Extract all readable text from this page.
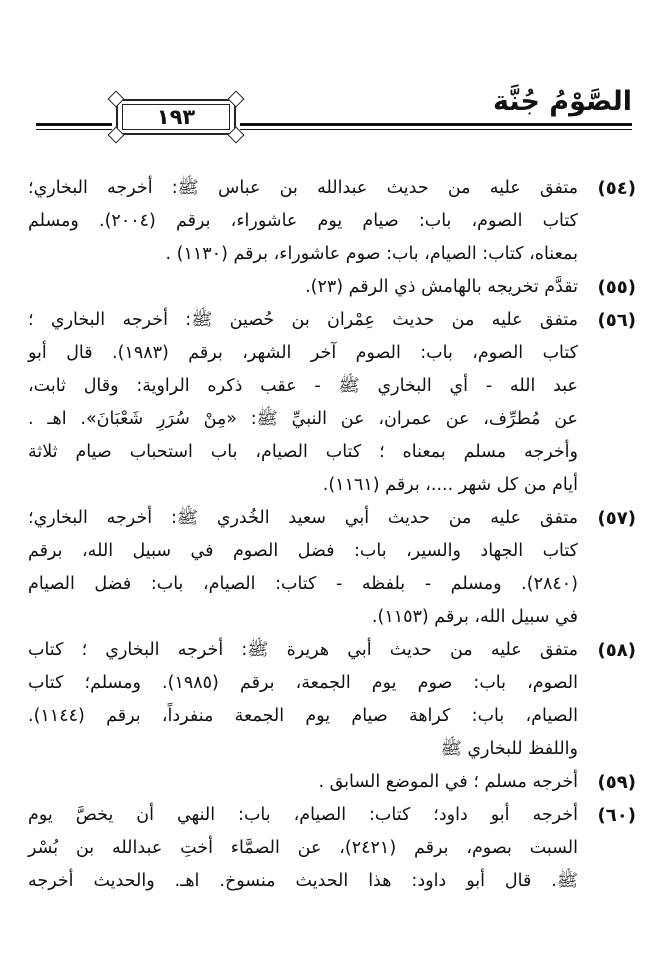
الصَّوْمُ جُنَّة
١٩٣
(٥٤)
متفق عليه من حديث عبدالله بن عباس ﷺ: أخرجه البخاري؛
كتاب الصوم، باب: صيام يوم عاشوراء، برقم (٢٠٠٤). ومسلم
بمعناه، كتاب: الصيام، باب: صوم عاشوراء، برقم (١١٣٠) .
(٥٥)
تقدَّم تخريجه بالهامش ذي الرقم (٢٣).
(٥٦)
متفق عليه من حديث عِمْران بن حُصين ﷺ: أخرجه البخاري ؛
كتاب الصوم، باب: الصوم آخر الشهر، برقم (١٩٨٣). قال أبو
عبد الله - أي البخاري ﷺ - عقب ذكره الراوية: وقال ثابت،
عن مُطرِّف، عن عمران، عن النبيِّ ﷺ: «مِنْ سُرَرِ شَعْبَانَ». اهـ .
وأخرجه مسلم بمعناه ؛ كتاب الصيام، باب استحباب صيام ثلاثة
أيام من كل شهر ....، برقم (١١٦١).
(٥٧)
متفق عليه من حديث أبي سعيد الخُدري ﷺ: أخرجه البخاري؛
كتاب الجهاد والسير، باب: فضل الصوم في سبيل الله، برقم
(٢٨٤٠). ومسلم - بلفظه - كتاب: الصيام، باب: فضل الصيام
في سبيل الله، برقم (١١٥٣).
(٥٨)
متفق عليه من حديث أبي هريرة ﷺ: أخرجه البخاري ؛ كتاب
الصوم، باب: صوم يوم الجمعة، برقم (١٩٨٥). ومسلم؛ كتاب
الصيام، باب: كراهة صيام يوم الجمعة منفرداً، برقم (١١٤٤).
واللفظ للبخاري ﷺ
(٥٩)
أخرجه مسلم ؛ في الموضع السابق .
(٦٠)
أخرجه أبو داود؛ كتاب: الصيام، باب: النهي أن يخصَّ يوم
السبت بصوم، برقم (٢٤٢١)، عن الصمَّاء أختِ عبدالله بن بُسْر
ﷺ. قال أبو داود: هذا الحديث منسوخ. اهـ. والحديث أخرجه
